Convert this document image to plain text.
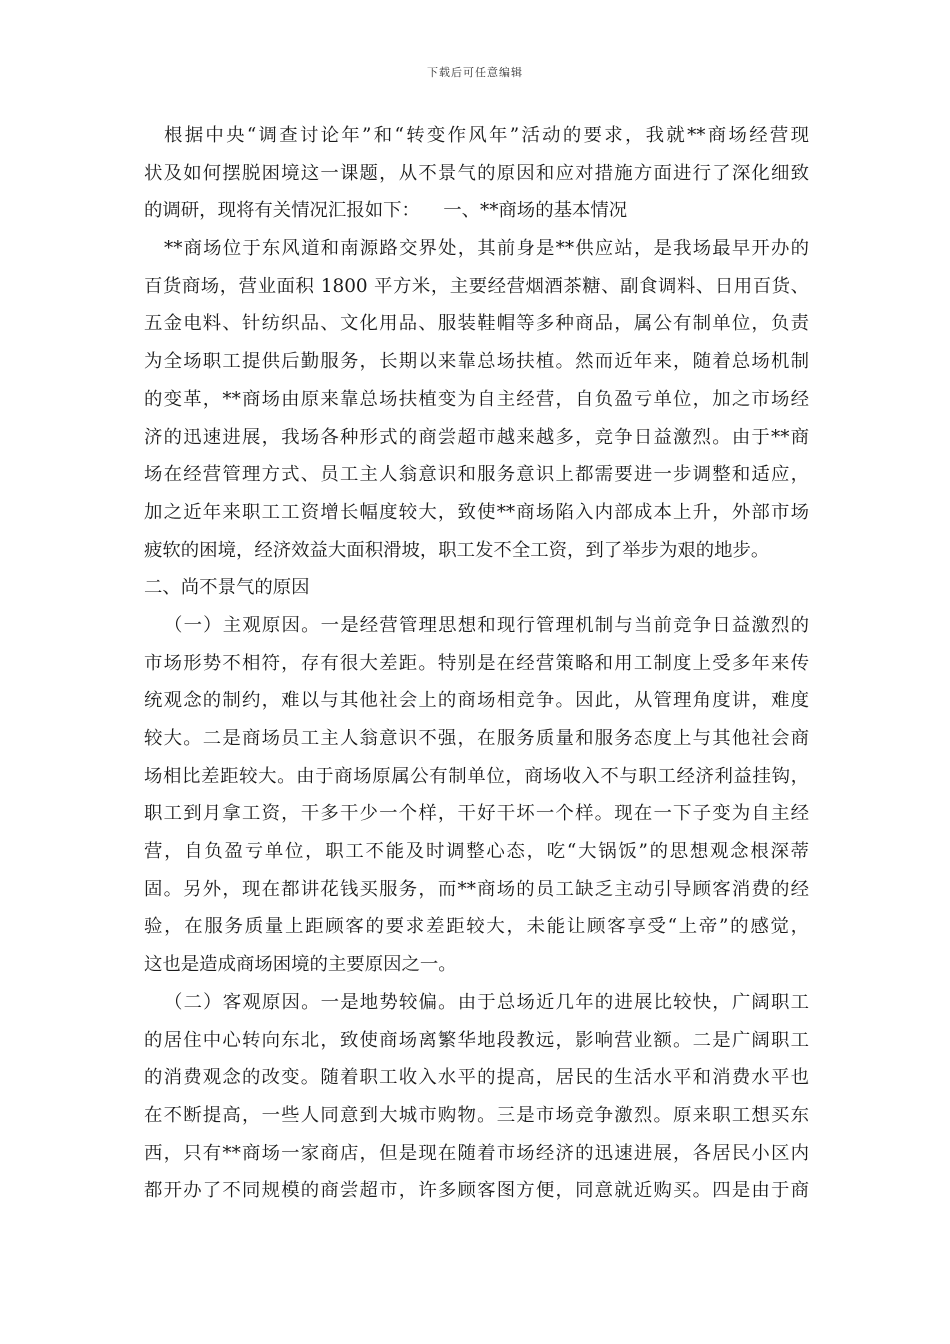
下载后可任意编辑
根据中央“调查讨论年”和“转变作风年”活动的要求，我就**商场经营现
状及如何摆脱困境这一课题，从不景气的原因和应对措施方面进行了深化细致
的调研，现将有关情况汇报如下：    一、**商场的基本情况
**商场位于东风道和南源路交界处，其前身是**供应站，是我场最早开办的
百货商场，营业面积 1800 平方米，主要经营烟酒茶糖、副食调料、日用百货、
五金电料、针纺织品、文化用品、服装鞋帽等多种商品，属公有制单位，负责
为全场职工提供后勤服务，长期以来靠总场扶植。然而近年来，随着总场机制
的变革，**商场由原来靠总场扶植变为自主经营，自负盈亏单位，加之市场经
济的迅速进展，我场各种形式的商尝超市越来越多，竞争日益激烈。由于**商
场在经营管理方式、员工主人翁意识和服务意识上都需要进一步调整和适应，
加之近年来职工工资增长幅度较大，致使**商场陷入内部成本上升，外部市场
疲软的困境，经济效益大面积滑坡，职工发不全工资，到了举步为艰的地步。
二、尚不景气的原因
（一）主观原因。一是经营管理思想和现行管理机制与当前竞争日益激烈的
市场形势不相符，存有很大差距。特别是在经营策略和用工制度上受多年来传
统观念的制约，难以与其他社会上的商场相竞争。因此，从管理角度讲，难度
较大。二是商场员工主人翁意识不强，在服务质量和服务态度上与其他社会商
场相比差距较大。由于商场原属公有制单位，商场收入不与职工经济利益挂钩，
职工到月拿工资，干多干少一个样，干好干坏一个样。现在一下子变为自主经
营，自负盈亏单位，职工不能及时调整心态，吃“大锅饭”的思想观念根深蒂
固。另外，现在都讲花钱买服务，而**商场的员工缺乏主动引导顾客消费的经
验，在服务质量上距顾客的要求差距较大，未能让顾客享受“上帝”的感觉，
这也是造成商场困境的主要原因之一。
（二）客观原因。一是地势较偏。由于总场近几年的进展比较快，广阔职工
的居住中心转向东北，致使商场离繁华地段教远，影响营业额。二是广阔职工
的消费观念的改变。随着职工收入水平的提高，居民的生活水平和消费水平也
在不断提高，一些人同意到大城市购物。三是市场竞争激烈。原来职工想买东
西，只有**商场一家商店，但是现在随着市场经济的迅速进展，各居民小区内
都开办了不同规模的商尝超市，许多顾客图方便，同意就近购买。四是由于商
